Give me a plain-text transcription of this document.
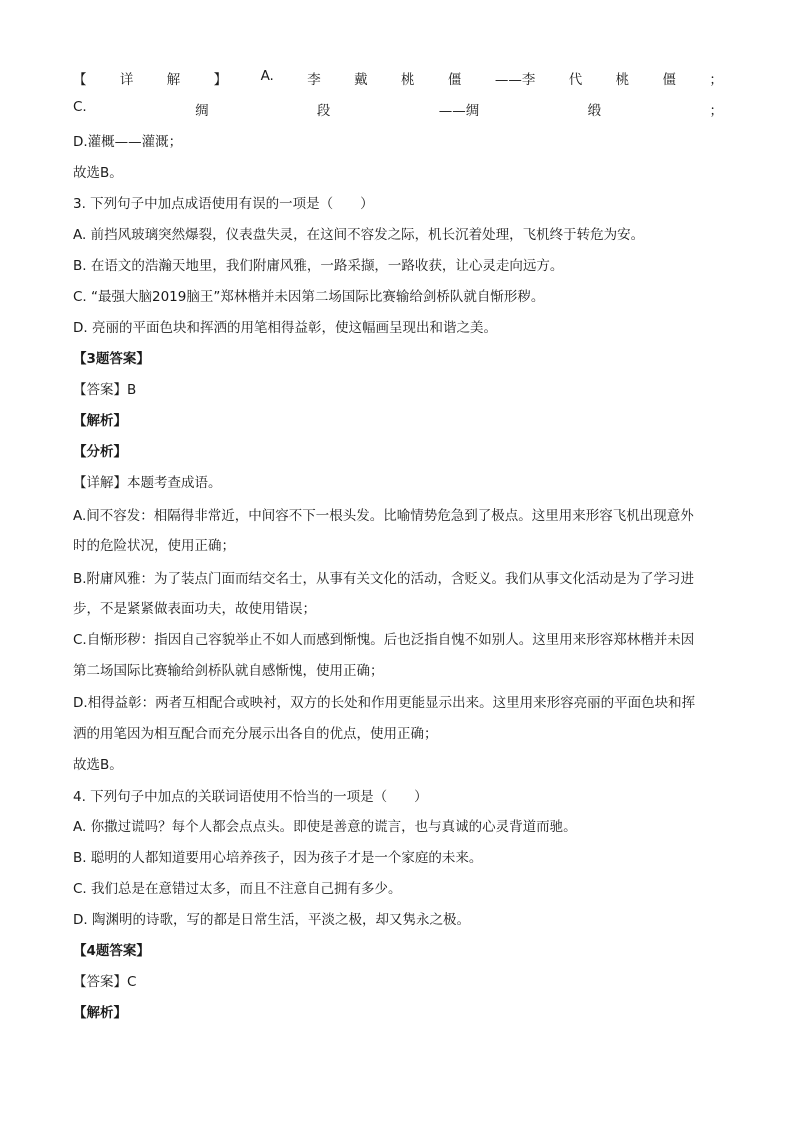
【 详 解 】 A. 李 戴 桃 僵 ——李 代 桃 僵 ；
C.	绸	段	——绸	缎	；
D.灌概——灌溉；
故选B。
3. 下列句子中加点成语使用有误的一项是（　　）
A. 前挡风玻璃突然爆裂，仪表盘失灵，在这间不容发之际，机长沉着处理，飞机终于转危为安。
B. 在语文的浩瀚天地里，我们附庸风雅，一路采撷，一路收获，让心灵走向远方。
C. “最强大脑2019脑王”郑林楷并未因第二场国际比赛输给剑桥队就自惭形秽。
D. 亮丽的平面色块和挥洒的用笔相得益彰，使这幅画呈现出和谐之美。
【3题答案】
【答案】B
【解析】
【分析】
【详解】本题考查成语。
A.间不容发：相隔得非常近，中间容不下一根头发。比喻情势危急到了极点。这里用来形容飞机出现意外
时的危险状况，使用正确；
B.附庸风雅：为了装点门面而结交名士，从事有关文化的活动，含贬义。我们从事文化活动是为了学习进
步，不是紧紧做表面功夫，故使用错误；
C.自惭形秽：指因自己容貌举止不如人而感到惭愧。后也泛指自愧不如别人。这里用来形容郑林楷并未因
第二场国际比赛输给剑桥队就自感惭愧，使用正确；
D.相得益彰：两者互相配合或映衬，双方的长处和作用更能显示出来。这里用来形容亮丽的平面色块和挥
洒的用笔因为相互配合而充分展示出各自的优点，使用正确；
故选B。
4. 下列句子中加点的关联词语使用不恰当的一项是（　　）
A. 你撒过谎吗？每个人都会点点头。即使是善意的谎言，也与真诚的心灵背道而驰。
B. 聪明的人都知道要用心培养孩子，因为孩子才是一个家庭的未来。
C. 我们总是在意错过太多，而且不注意自己拥有多少。
D. 陶渊明的诗歌，写的都是日常生活，平淡之极，却又隽永之极。
【4题答案】
【答案】C
【解析】
